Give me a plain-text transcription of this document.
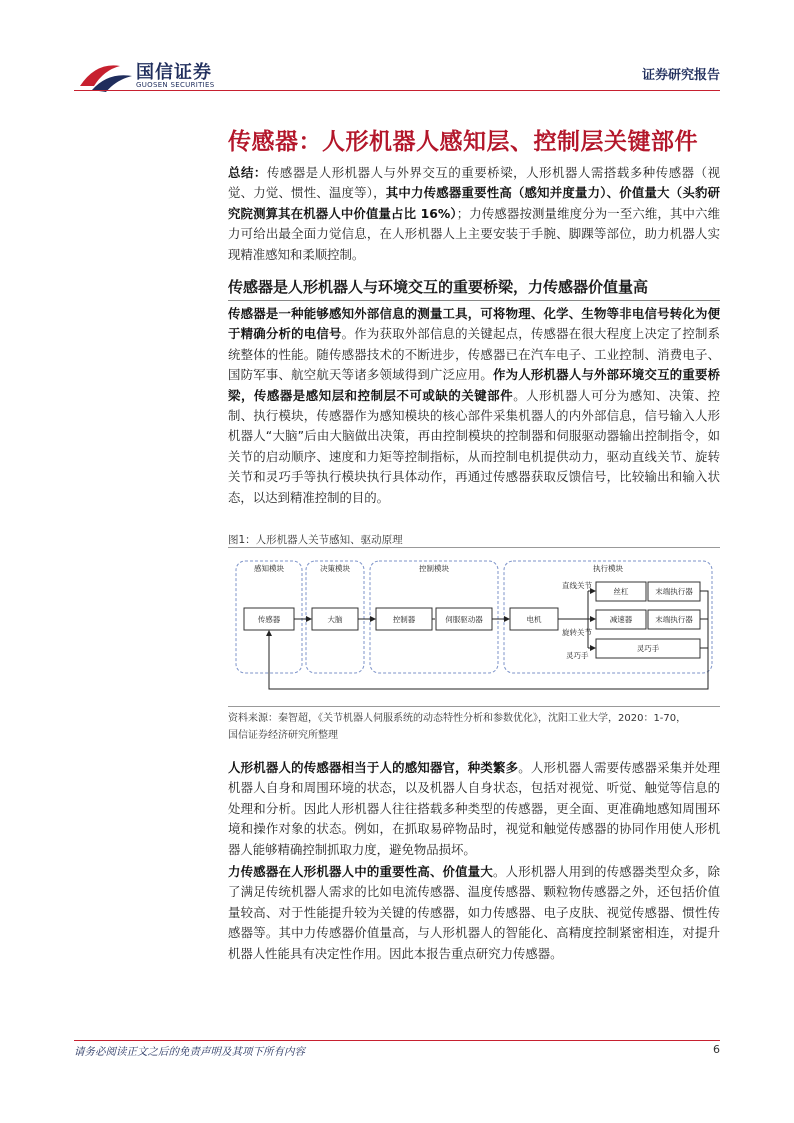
国信证券
GUOSEN SECURITIES
证券研究报告
传感器：人形机器人感知层、控制层关键部件
总结：传感器是人形机器人与外界交互的重要桥梁，人形机器人需搭载多种传感器（视觉、力觉、惯性、温度等），其中力传感器重要性高（感知并度量力）、价值量大（头豹研究院测算其在机器人中价值量占比 16%）；力传感器按测量维度分为一至六维，其中六维力可给出最全面力觉信息，在人形机器人上主要安装于手腕、脚踝等部位，助力机器人实现精准感知和柔顺控制。
传感器是人形机器人与环境交互的重要桥梁，力传感器价值量高
传感器是一种能够感知外部信息的测量工具，可将物理、化学、生物等非电信号转化为便于精确分析的电信号。作为获取外部信息的关键起点，传感器在很大程度上决定了控制系统整体的性能。随传感器技术的不断进步，传感器已在汽车电子、工业控制、消费电子、国防军事、航空航天等诸多领域得到广泛应用。作为人形机器人与外部环境交互的重要桥梁，传感器是感知层和控制层不可或缺的关键部件。人形机器人可分为感知、决策、控制、执行模块，传感器作为感知模块的核心部件采集机器人的内外部信息，信号输入人形机器人“大脑”后由大脑做出决策，再由控制模块的控制器和伺服驱动器输出控制指令，如关节的启动顺序、速度和力矩等控制指标，从而控制电机提供动力，驱动直线关节、旋转关节和灵巧手等执行模块执行具体动作，再通过传感器获取反馈信号，比较输出和输入状态，以达到精准控制的目的。
图1：人形机器人关节感知、驱动原理
感知模块	决策模块	控制模块	执行模块
传感器	大脑	控制器	伺服驱动器	电机
丝杠	末端执行器
减速器	末端执行器
灵巧手
直线关节
旋转关节
灵巧手
资料来源：秦智超，《关节机器人伺服系统的动态特性分析和参数优化》，沈阳工业大学，2020：1-70，
国信证券经济研究所整理
人形机器人的传感器相当于人的感知器官，种类繁多。人形机器人需要传感器采集并处理机器人自身和周围环境的状态，以及机器人自身状态，包括对视觉、听觉、触觉等信息的处理和分析。因此人形机器人往往搭载多种类型的传感器，更全面、更准确地感知周围环境和操作对象的状态。例如，在抓取易碎物品时，视觉和触觉传感器的协同作用使人形机器人能够精确控制抓取力度，避免物品损坏。
力传感器在人形机器人中的重要性高、价值量大。人形机器人用到的传感器类型众多，除了满足传统机器人需求的比如电流传感器、温度传感器、颗粒物传感器之外，还包括价值量较高、对于性能提升较为关键的传感器，如力传感器、电子皮肤、视觉传感器、惯性传感器等。其中力传感器价值量高，与人形机器人的智能化、高精度控制紧密相连，对提升机器人性能具有决定性作用。因此本报告重点研究力传感器。
请务必阅读正文之后的免责声明及其项下所有内容	6
